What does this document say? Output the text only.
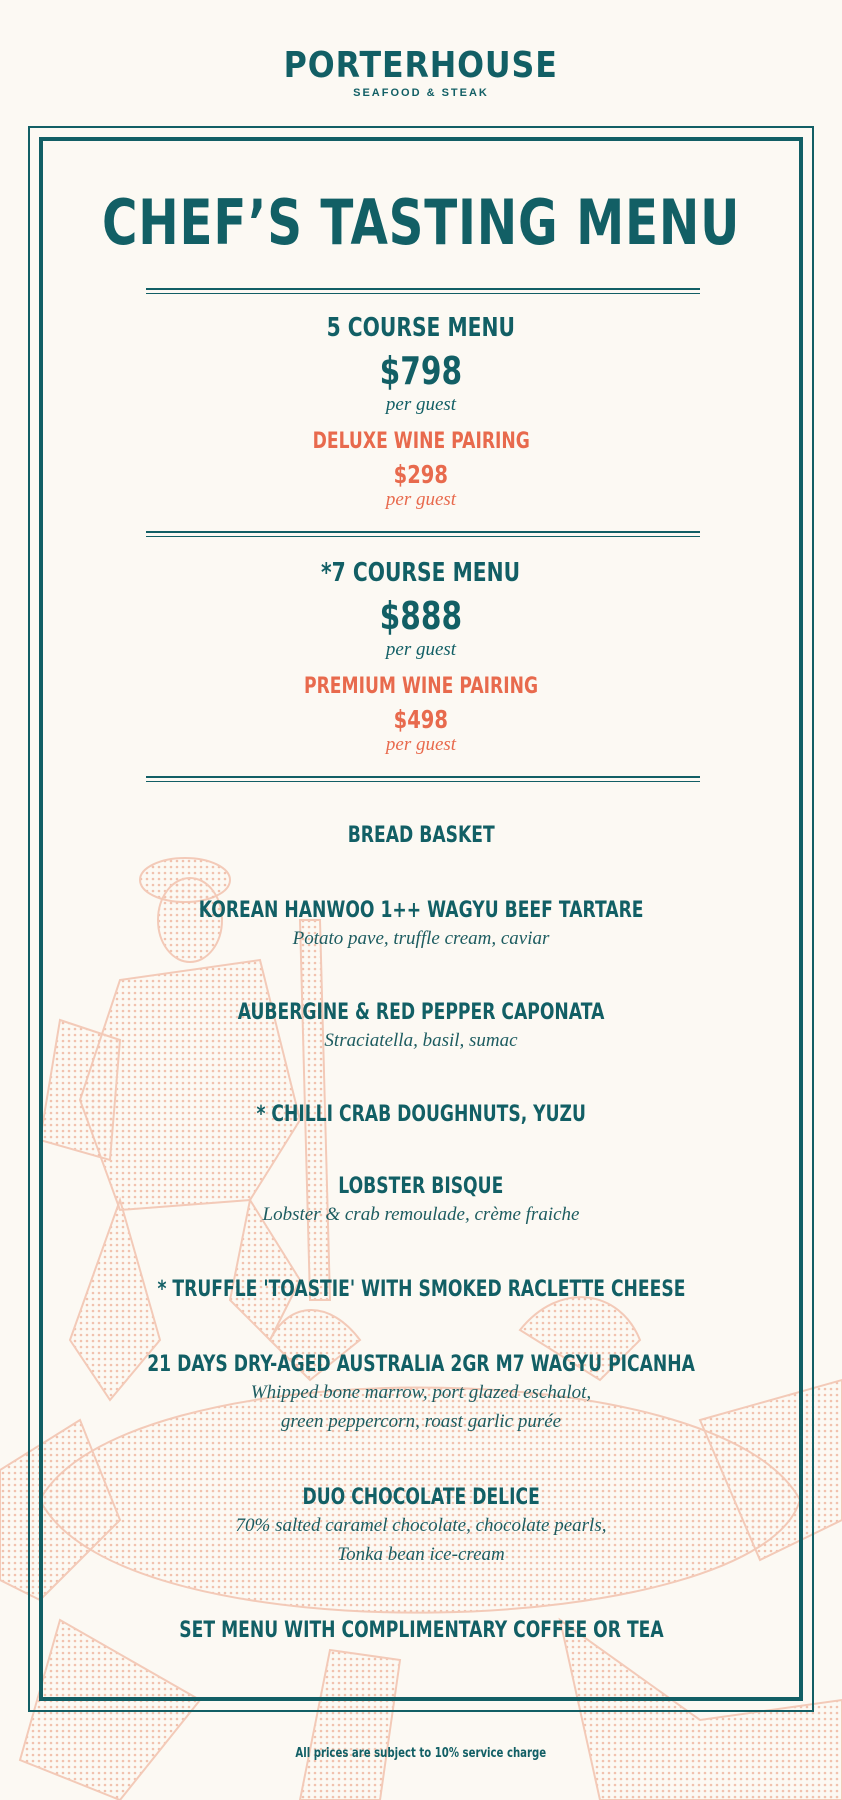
PORTERHOUSE
SEAFOOD & STEAK
CHEF’S TASTING MENU
5 COURSE MENU
$798
per guest
DELUXE WINE PAIRING
$298
per guest
*7 COURSE MENU
$888
per guest
PREMIUM WINE PAIRING
$498
per guest
BREAD BASKET
KOREAN HANWOO 1++ WAGYU BEEF TARTARE
Potato pave, truffle cream, caviar
AUBERGINE & RED PEPPER CAPONATA
Straciatella, basil, sumac
* CHILLI CRAB DOUGHNUTS, YUZU
LOBSTER BISQUE
Lobster & crab remoulade, crème fraiche
* TRUFFLE 'TOASTIE' WITH SMOKED RACLETTE CHEESE
21 DAYS DRY-AGED AUSTRALIA 2GR M7 WAGYU PICANHA
Whipped bone marrow, port glazed eschalot,
green peppercorn, roast garlic purée
DUO CHOCOLATE DELICE
70% salted caramel chocolate, chocolate pearls,
Tonka bean ice-cream
SET MENU WITH COMPLIMENTARY COFFEE OR TEA
All prices are subject to 10% service charge
